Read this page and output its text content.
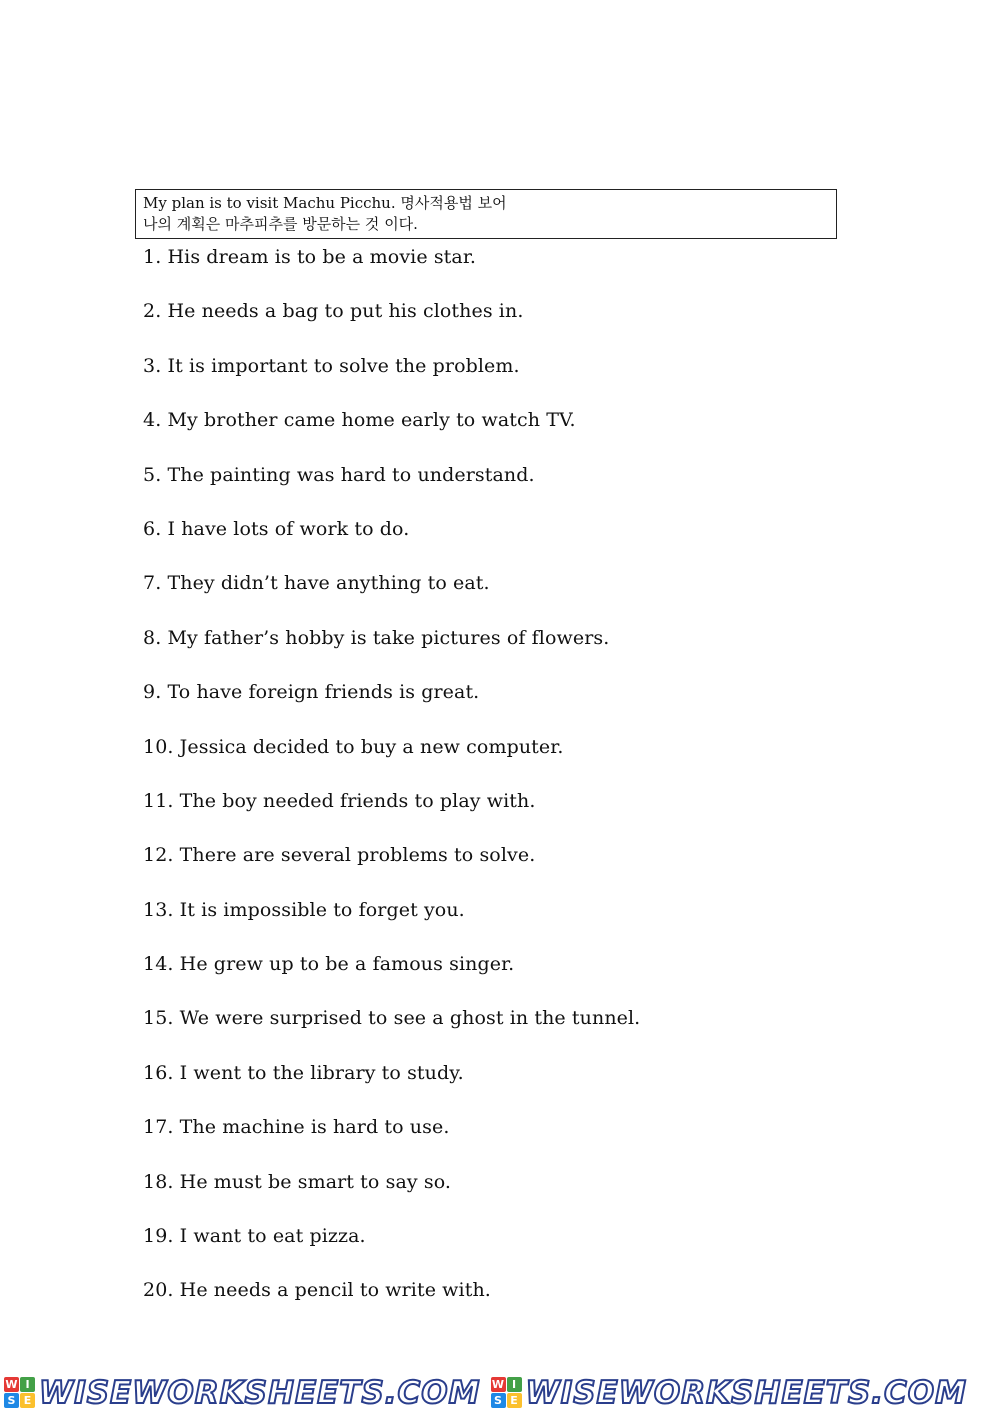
My plan is to visit Machu Picchu. 명사적용법 보어
나의 계획은 마추피추를 방문하는 것 이다.
1. His dream is to be a movie star.
2. He needs a bag to put his clothes in.
3. It is important to solve the problem.
4. My brother came home early to watch TV.
5. The painting was hard to understand.
6. I have lots of work to do.
7. They didn’t have anything to eat.
8. My father’s hobby is take pictures of flowers.
9. To have foreign friends is great.
10. Jessica decided to buy a new computer.
11. The boy needed friends to play with.
12. There are several problems to solve.
13. It is impossible to forget you.
14. He grew up to be a famous singer.
15. We were surprised to see a ghost in the tunnel.
16. I went to the library to study.
17. The machine is hard to use.
18. He must be smart to say so.
19. I want to eat pizza.
20. He needs a pencil to write with.
W I
S E WISEWORKSHEETS.COM W I
S E WISEWORKSHEETS.COM
